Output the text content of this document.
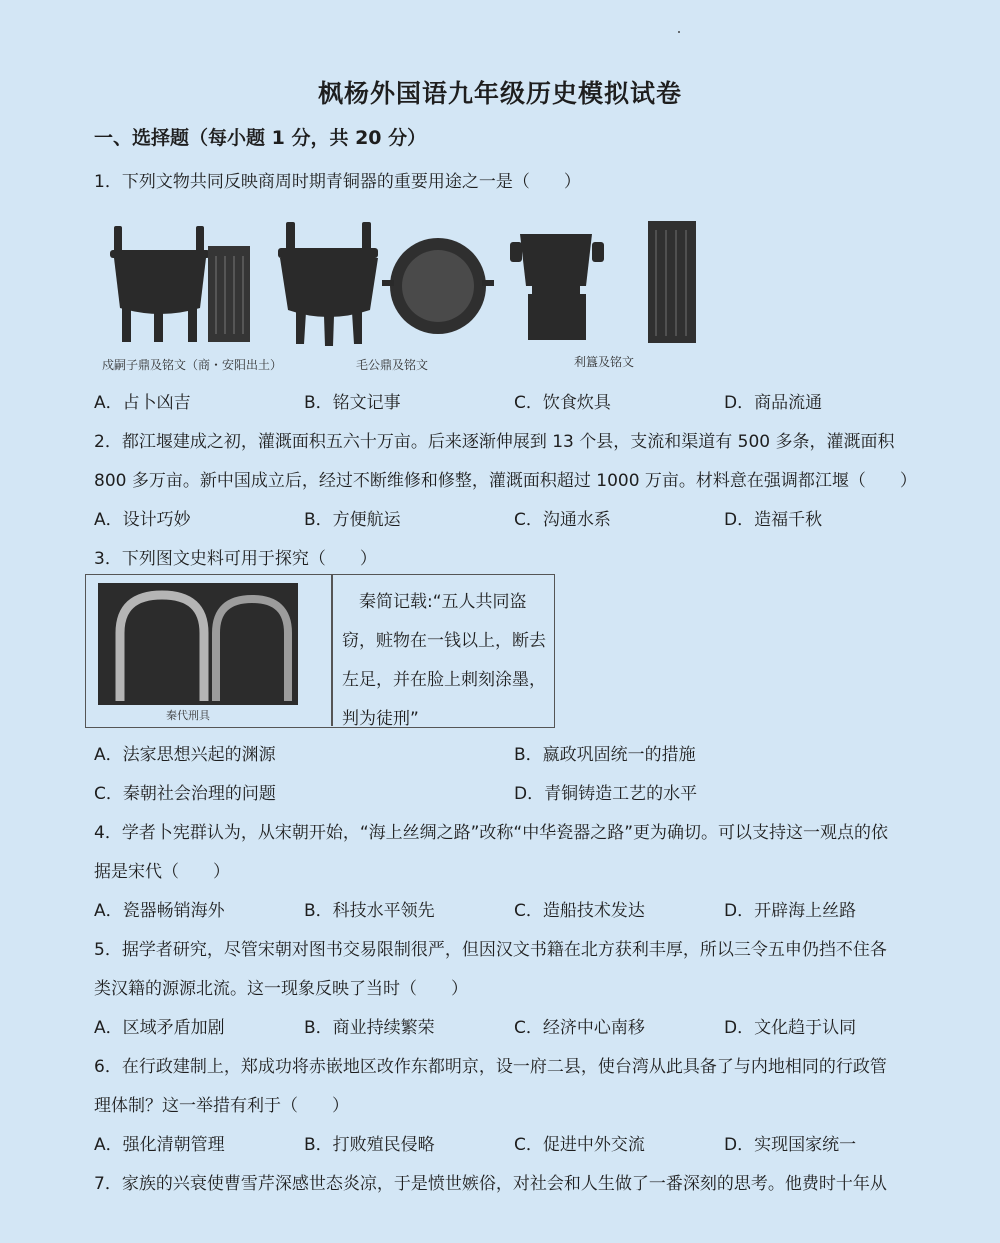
枫杨外国语九年级历史模拟试卷
一、选择题（每小题 1 分，共 20 分）
1．下列文物共同反映商周时期青铜器的重要用途之一是（　　）
戍嗣子鼎及铭文（商・安阳出土）	毛公鼎及铭文	利簋及铭文
A．占卜凶吉	B．铭文记事	C．饮食炊具	D．商品流通
2．都江堰建成之初，灌溉面积五六十万亩。后来逐渐伸展到 13 个县，支流和渠道有 500 多条，灌溉面积
800 多万亩。新中国成立后，经过不断维修和修整，灌溉面积超过 1000 万亩。材料意在强调都江堰（　　）
A．设计巧妙	B．方便航运	C．沟通水系	D．造福千秋
3．下列图文史料可用于探究（　　）
秦代刑具
　秦简记载:“五人共同盗窃，赃物在一钱以上，断去左足，并在脸上刺刻涂墨，判为徒刑”
A．法家思想兴起的渊源	B．嬴政巩固统一的措施
C．秦朝社会治理的问题	D．青铜铸造工艺的水平
4．学者卜宪群认为，从宋朝开始，“海上丝绸之路”改称“中华瓷器之路”更为确切。可以支持这一观点的依
据是宋代（　　）
A．瓷器畅销海外	B．科技水平领先	C．造船技术发达	D．开辟海上丝路
5．据学者研究，尽管宋朝对图书交易限制很严，但因汉文书籍在北方获利丰厚，所以三令五申仍挡不住各
类汉籍的源源北流。这一现象反映了当时（　　）
A．区域矛盾加剧	B．商业持续繁荣	C．经济中心南移	D．文化趋于认同
6．在行政建制上，郑成功将赤嵌地区改作东都明京，设一府二县，使台湾从此具备了与内地相同的行政管
理体制？这一举措有利于（　　）
A．强化清朝管理	B．打败殖民侵略	C．促进中外交流	D．实现国家统一
7．家族的兴衰使曹雪芹深感世态炎凉，于是愤世嫉俗，对社会和人生做了一番深刻的思考。他费时十年从
